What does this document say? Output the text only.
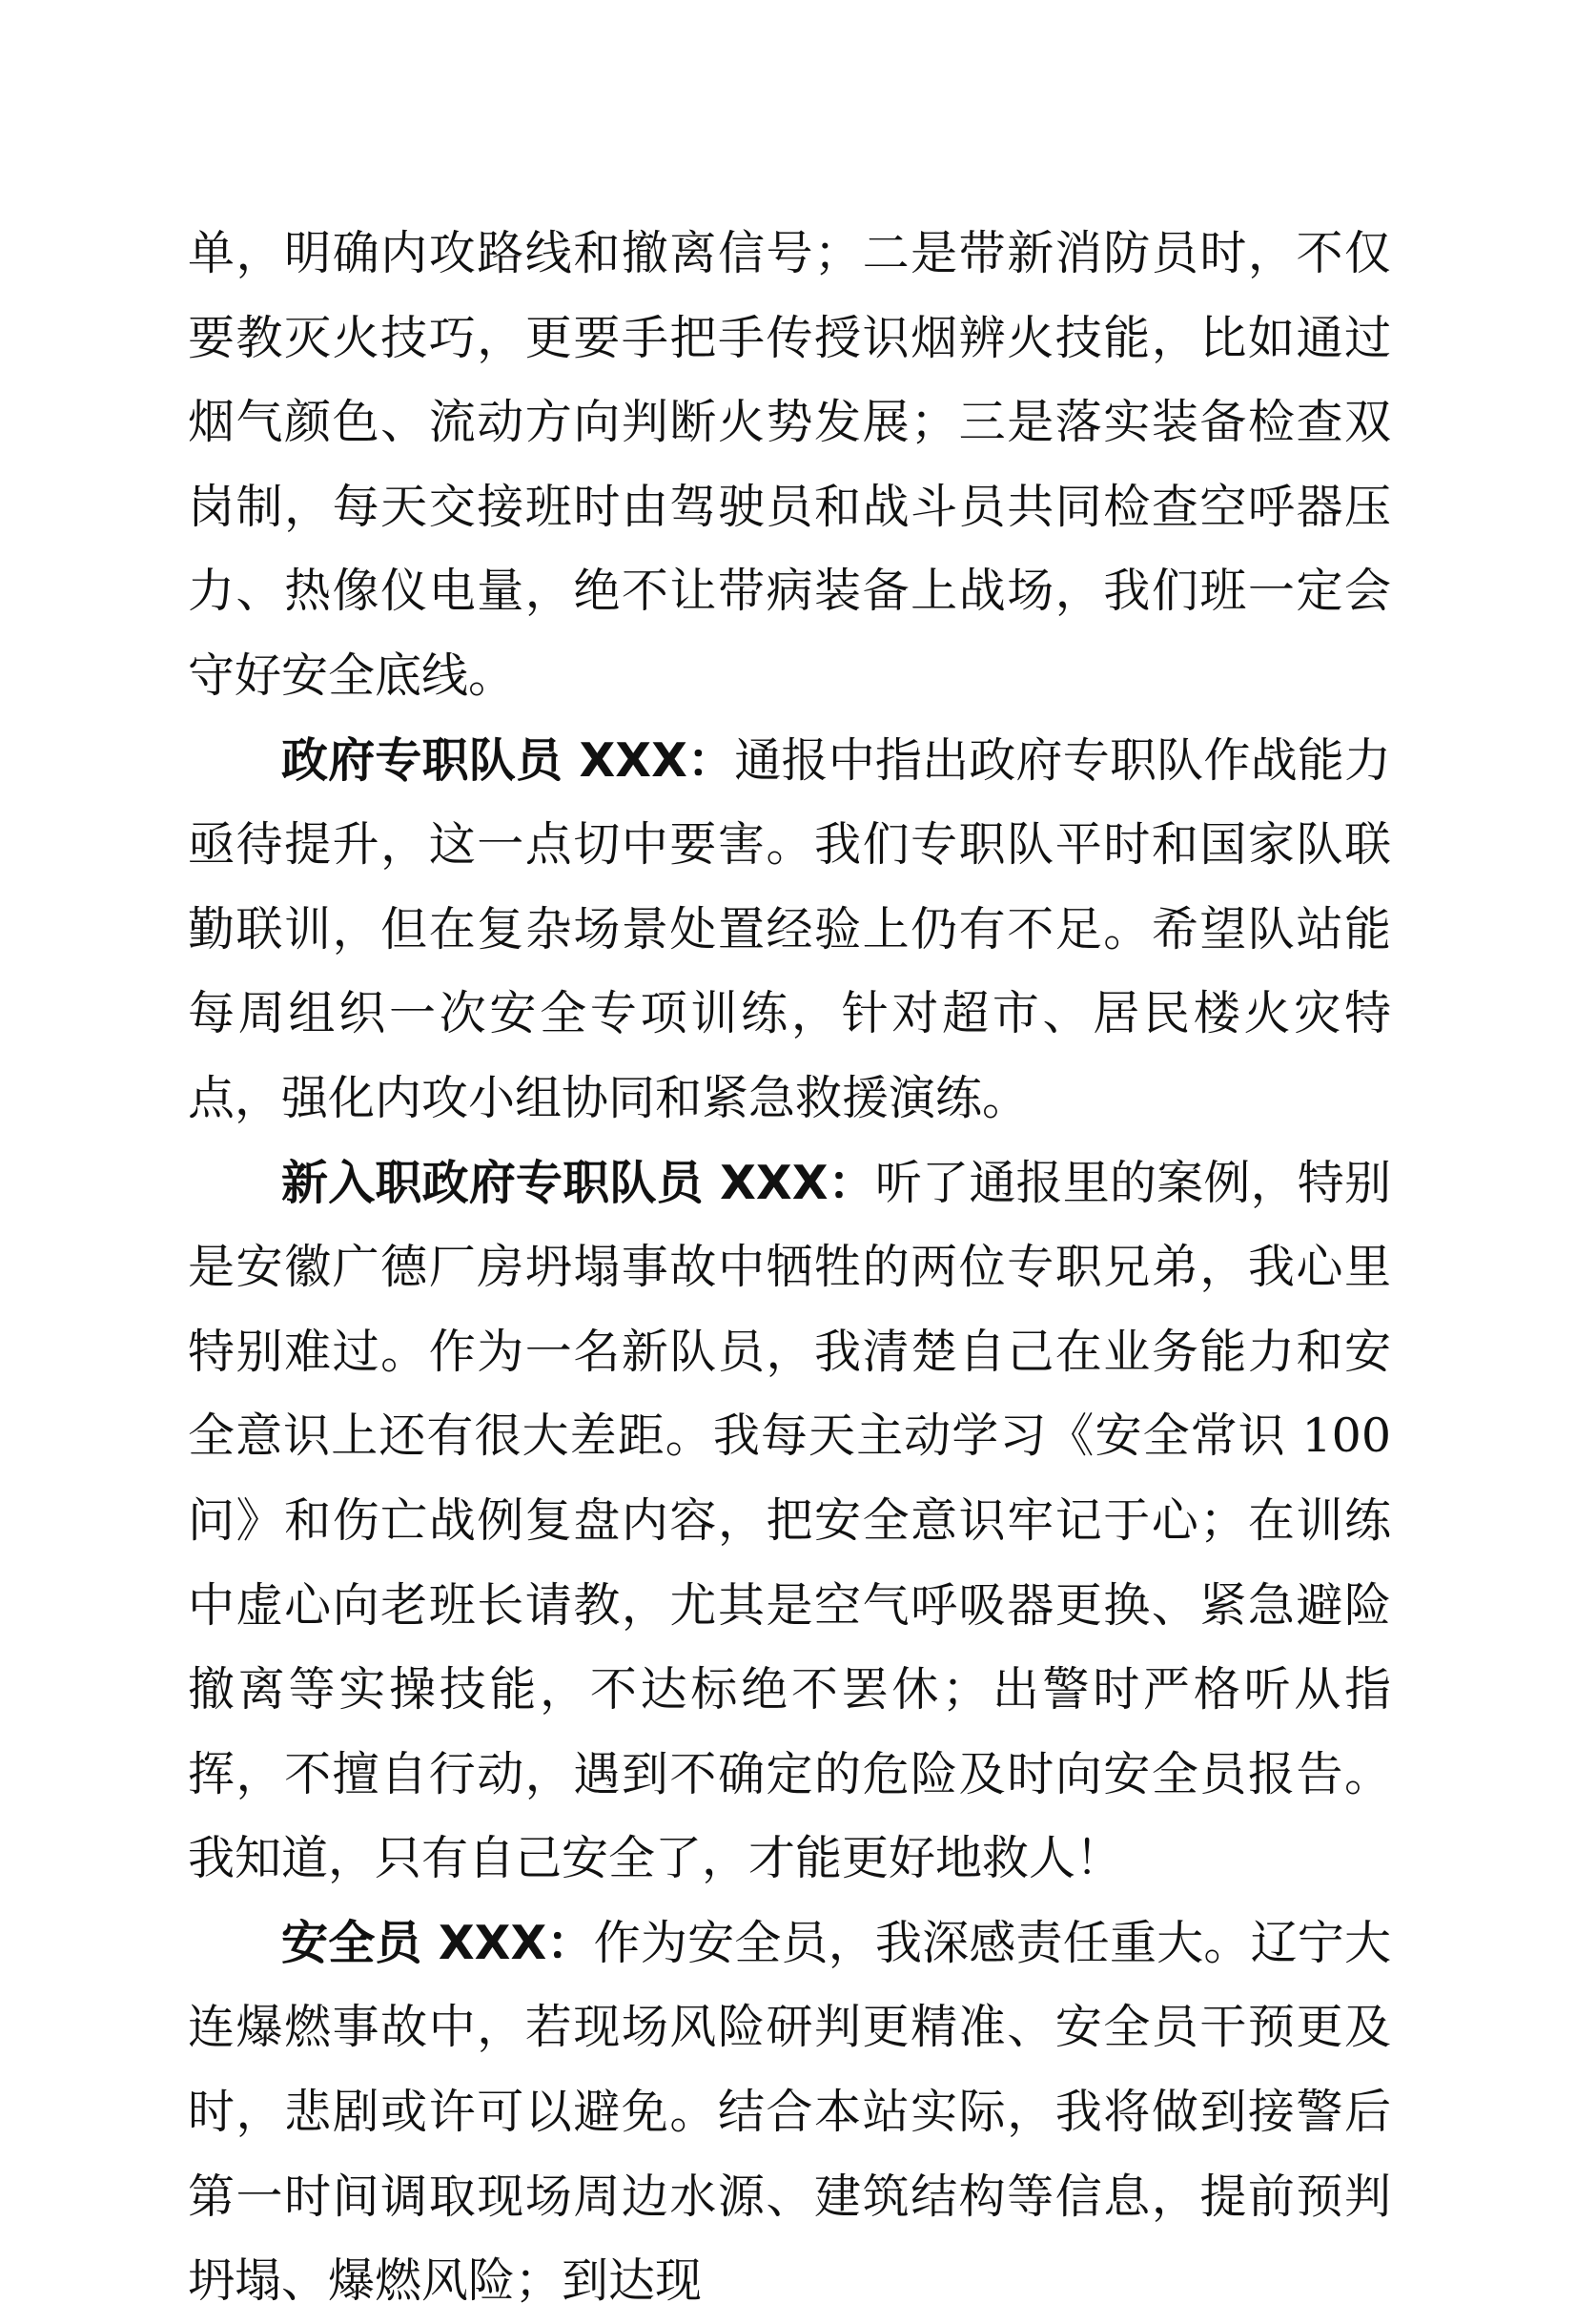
单，明确内攻路线和撤离信号；二是带新消防员时，不仅要教灭火技巧，更要手把手传授识烟辨火技能，比如通过烟气颜色、流动方向判断火势发展；三是落实装备检查双岗制，每天交接班时由驾驶员和战斗员共同检查空呼器压力、热像仪电量，绝不让带病装备上战场，我们班一定会守好安全底线。

政府专职队员 XXX：通报中指出政府专职队作战能力亟待提升，这一点切中要害。我们专职队平时和国家队联勤联训，但在复杂场景处置经验上仍有不足。希望队站能每周组织一次安全专项训练，针对超市、居民楼火灾特点，强化内攻小组协同和紧急救援演练。

新入职政府专职队员 XXX：听了通报里的案例，特别是安徽广德厂房坍塌事故中牺牲的两位专职兄弟，我心里特别难过。作为一名新队员，我清楚自己在业务能力和安全意识上还有很大差距。我每天主动学习《安全常识 100 问》和伤亡战例复盘内容，把安全意识牢记于心；在训练中虚心向老班长请教，尤其是空气呼吸器更换、紧急避险撤离等实操技能，不达标绝不罢休；出警时严格听从指挥，不擅自行动，遇到不确定的危险及时向安全员报告。我知道，只有自己安全了，才能更好地救人！

安全员 XXX：作为安全员，我深感责任重大。辽宁大连爆燃事故中，若现场风险研判更精准、安全员干预更及时，悲剧或许可以避免。结合本站实际，我将做到接警后第一时间调取现场周边水源、建筑结构等信息，提前预判坍塌、爆燃风险；到达现
